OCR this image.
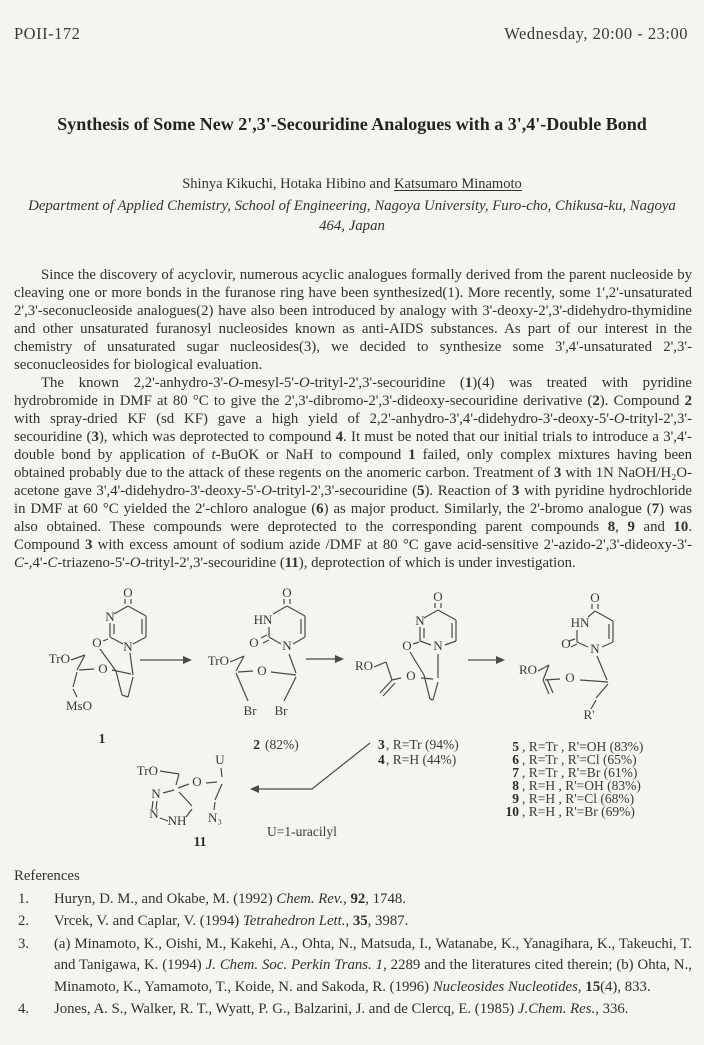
POII-172	Wednesday, 20:00 - 23:00
Synthesis of Some New 2',3'-Secouridine Analogues with a 3',4'-Double Bond
Shinya Kikuchi, Hotaka Hibino and Katsumaro Minamoto
Department of Applied Chemistry, School of Engineering, Nagoya University, Furo-cho, Chikusa-ku, Nagoya 464, Japan
Since the discovery of acyclovir, numerous acyclic analogues formally derived from the parent nucleoside by cleaving one or more bonds in the furanose ring have been synthesized(1). More recently, some 1',2'-unsaturated 2',3'-seconucleoside analogues(2) have also been introduced by analogy with 3'-deoxy-2',3'-didehydro-thymidine and other unsaturated furanosyl nucleosides known as anti-AIDS substances. As part of our interest in the chemistry of unsaturated sugar nucleosides(3), we decided to synthesize some 3',4'-unsaturated 2',3'-seconucleosides for biological evaluation.
The known 2,2'-anhydro-3'-O-mesyl-5'-O-trityl-2',3'-secouridine (1)(4) was treated with pyridine hydrobromide in DMF at 80 °C to give the 2',3'-dibromo-2',3'-dideoxy-secouridine derivative (2). Compound 2 with spray-dried KF (sd KF) gave a high yield of 2,2'-anhydro-3',4'-didehydro-3'-deoxy-5'-O-trityl-2',3'-secouridine (3), which was deprotected to compound 4. It must be noted that our initial trials to introduce a 3',4'-double bond by application of t-BuOK or NaH to compound 1 failed, only complex mixtures having been obtained probably due to the attack of these regents on the anomeric carbon. Treatment of 3 with 1N NaOH/H₂O-acetone gave 3',4'-didehydro-3'-deoxy-5'-O-trityl-2',3'-secouridine (5). Reaction of 3 with pyridine hydrochloride in DMF at 60 °C yielded the 2'-chloro analogue (6) as major product. Similarly, the 2'-bromo analogue (7) was also obtained. These compounds were deprotected to the corresponding parent compounds 8, 9 and 10. Compound 3 with excess amount of sodium azide /DMF at 80 °C gave acid-sensitive 2'-azido-2',3'-dideoxy-3'-C-,4'-C-triazeno-5'-O-trityl-2',3'-secouridine (11), deprotection of which is under investigation.
O
N
N
O
TrO
O
MsO
1
O
HN
N
O
TrO
O
Br Br
2 (82%)
O
N
N
O
RO
O
3 , R=Tr (94%)
4 , R=H (44%)
O
HN
N
O
RO
O
R'
5 , R=Tr , R'=OH (83%)
6 , R=Tr , R'=Cl (65%)
7 , R=Tr , R'=Br (61%)
8 , R=H , R'=OH (83%)
9 , R=H , R'=Cl (68%)
10 , R=H , R'=Br (69%)
U
TrO
O
N
N NH N₃
11
U=1-uracilyl
References
1.	Huryn, D. M., and Okabe, M. (1992) Chem. Rev., 92, 1748.
2.	Vrcek, V. and Caplar, V. (1994) Tetrahedron Lett., 35, 3987.
3.	(a) Minamoto, K., Oishi, M., Kakehi, A., Ohta, N., Matsuda, I., Watanabe, K., Yanagihara, K., Takeuchi, T. and Tanigawa, K. (1994) J. Chem. Soc. Perkin Trans. 1, 2289 and the literatures cited therein; (b) Ohta, N., Minamoto, K., Yamamoto, T., Koide, N. and Sakoda, R. (1996) Nucleosides Nucleotides, 15(4), 833.
4.	Jones, A. S., Walker, R. T., Wyatt, P. G., Balzarini, J. and de Clercq, E. (1985) J.Chem. Res., 336.
